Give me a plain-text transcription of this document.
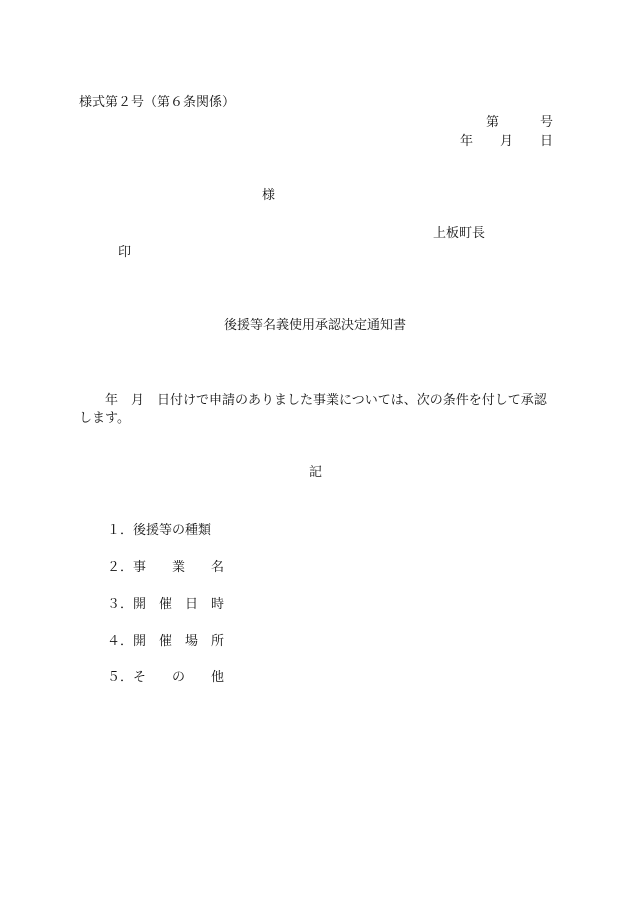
様式第２号（第６条関係）
第	号
年 月 日
様
上板町長
印
後援等名義使用承認決定通知書
　　年　月　日付けで申請のありました事業については、次の条件を付して承認します。
記
１．後援等の種類
２．事　　業　　名
３．開　催　日　時
４．開　催　場　所
５．そ　　の　　他
